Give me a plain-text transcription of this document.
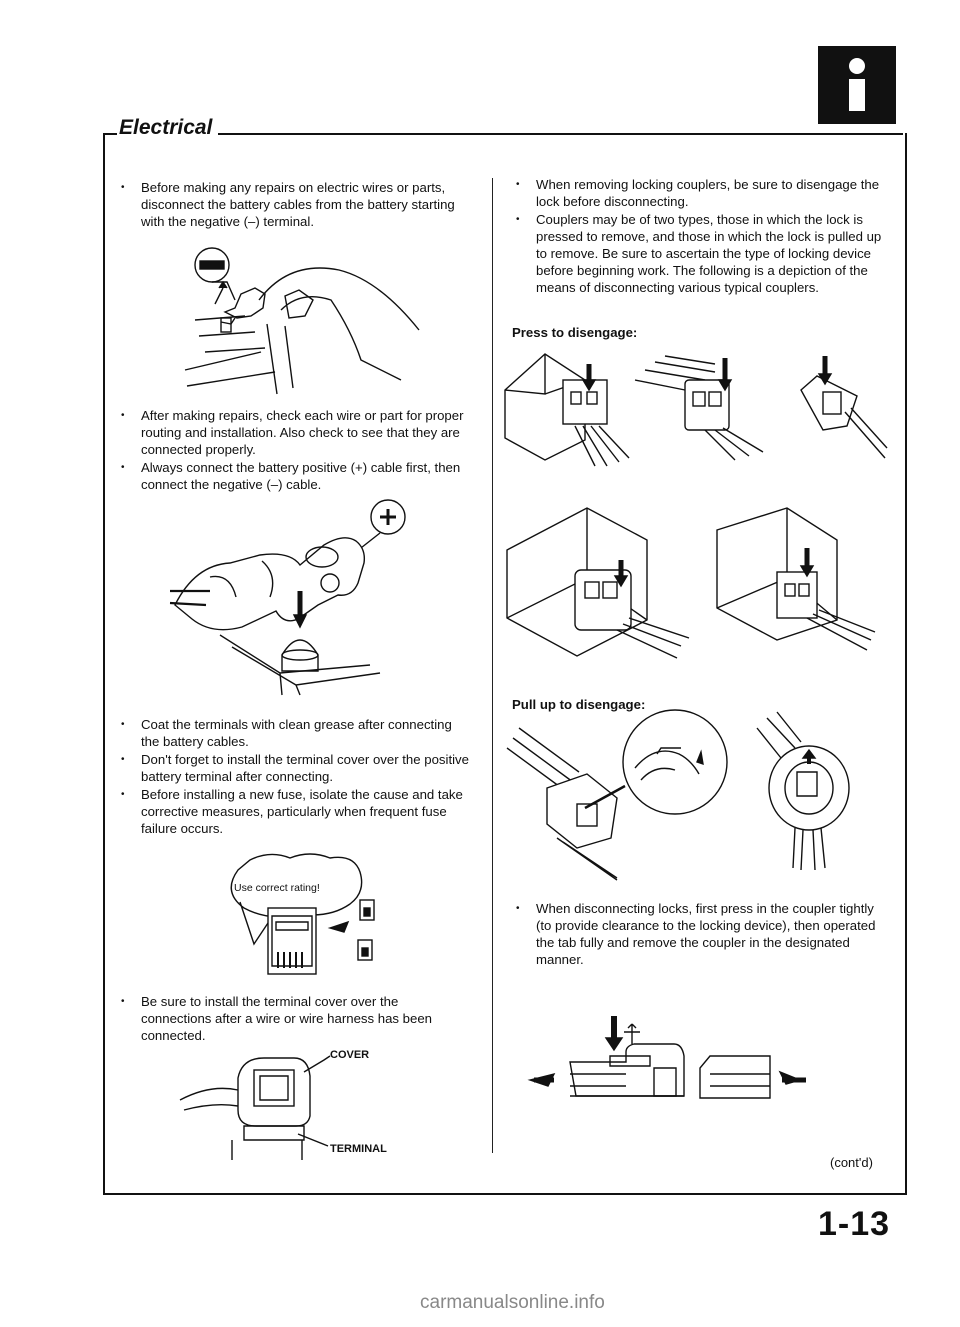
Electrical
• Before making any repairs on electric wires or parts, disconnect the battery cables from the battery starting with the negative (–) terminal.
• After making repairs, check each wire or part for proper routing and installation. Also check to see that they are connected properly.
• Always connect the battery positive (+) cable first, then connect the negative (–) cable.
• Coat the terminals with clean grease after connecting the battery cables.
• Don't forget to install the terminal cover over the positive battery terminal after connecting.
• Before installing a new fuse, isolate the cause and take corrective measures, particularly when frequent fuse failure occurs.
Use correct rating!
• Be sure to install the terminal cover over the connections after a wire or wire harness has been connected.
COVER
TERMINAL
• When removing locking couplers, be sure to disengage the lock before disconnecting.
• Couplers may be of two types, those in which the lock is pressed to remove, and those in which the lock is pulled up to remove. Be sure to ascertain the type of locking device before beginning work. The following is a depiction of the means of disconnecting various typical couplers.
Press to disengage:
Pull up to disengage:
• When disconnecting locks, first press in the coupler tightly (to provide clearance to the locking device), then operated the tab fully and remove the coupler in the designated manner.
(cont'd)
1-13
carmanualsonline.info
